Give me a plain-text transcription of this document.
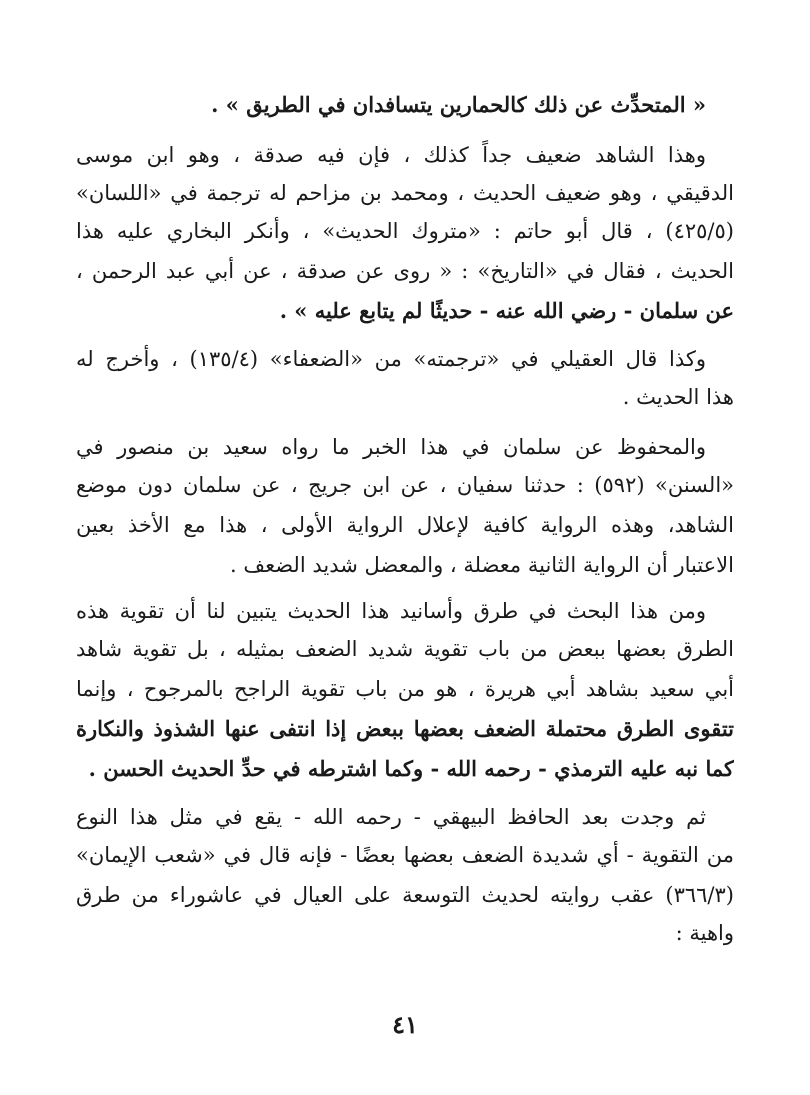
« المتحدِّث عن ذلك كالحمارين يتسافدان في الطريق » .
وهذا الشاهد ضعيف جداً كذلك ، فإن فيه صدقة ، وهو ابن موسى
الدقيقي ، وهو ضعيف الحديث ، ومحمد بن مزاحم له ترجمة في «اللسان»
(٤٢٥/٥) ، قال أبو حاتم : «متروك الحديث» ، وأنكر البخاري عليه هذا
الحديث ، فقال في «التاريخ» : « روى عن صدقة ، عن أبي عبد الرحمن ،
عن سلمان - رضي الله عنه - حديثًا لم يتابع عليه » .
وكذا قال العقيلي في «ترجمته» من «الضعفاء» (١٣٥/٤) ، وأخرج له
هذا الحديث .
والمحفوظ عن سلمان في هذا الخبر ما رواه سعيد بن منصور في
«السنن» (٥٩٢) : حدثنا سفيان ، عن ابن جريج ، عن سلمان دون موضع
الشاهد، وهذه الرواية كافية لإعلال الرواية الأولى ، هذا مع الأخذ بعين
الاعتبار أن الرواية الثانية معضلة ، والمعضل شديد الضعف .
ومن هذا البحث في طرق وأسانيد هذا الحديث يتبين لنا أن تقوية هذه
الطرق بعضها ببعض من باب تقوية شديد الضعف بمثيله ، بل تقوية شاهد
أبي سعيد بشاهد أبي هريرة ، هو من باب تقوية الراجح بالمرجوح ، وإنما
تتقوى الطرق محتملة الضعف بعضها ببعض إذا انتفى عنها الشذوذ والنكارة
كما نبه عليه الترمذي - رحمه الله - وكما اشترطه في حدِّ الحديث الحسن .
ثم وجدت بعد الحافظ البيهقي - رحمه الله - يقع في مثل هذا النوع
من التقوية - أي شديدة الضعف بعضها بعضًا - فإنه قال في «شعب الإيمان»
(٣٦٦/٣) عقب روايته لحديث التوسعة على العيال في عاشوراء من طرق
واهية :
٤١
